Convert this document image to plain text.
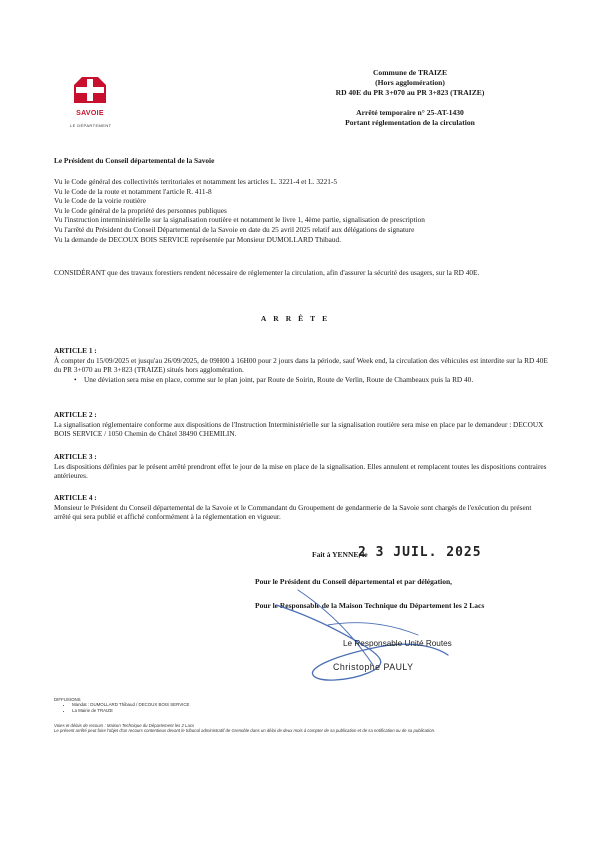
SAVOIE
LE DÉPARTEMENT
Commune de TRAIZE
(Hors agglomération)
RD 40E du PR 3+070 au PR 3+823 (TRAIZE)
Arrêté temporaire n° 25-AT-1430
Portant réglementation de la circulation
Le Président du Conseil départemental de la Savoie
Vu le Code général des collectivités territoriales et notamment les articles L. 3221-4 et L. 3221-5
Vu le Code de la route et notamment l'article R. 411-8
Vu le Code de la voirie routière
Vu le Code général de la propriété des personnes publiques
Vu l'instruction interministérielle sur la signalisation routière et notamment le livre 1, 4ème partie, signalisation de prescription
Vu l'arrêté du Président du Conseil Départemental de la Savoie en date du 25 avril 2025 relatif aux délégations de signature
Vu la demande de DECOUX BOIS SERVICE représentée par Monsieur DUMOLLARD Thibaud.
CONSIDÉRANT que des travaux forestiers rendent nécessaire de réglementer la circulation, afin d'assurer la sécurité des usagers, sur la RD 40E.
ARRÊTE
ARTICLE 1 :
À compter du 15/09/2025 et jusqu'au 26/09/2025, de 09H00 à 16H00 pour 2 jours dans la période, sauf Week end, la circulation des véhicules est interdite sur la RD 40E du PR 3+070 au PR 3+823 (TRAIZE) situés hors agglomération.
• Une déviation sera mise en place, comme sur le plan joint, par Route de Soirin, Route de Verlin, Route de Chambeaux puis la RD 40.
ARTICLE 2 :
La signalisation réglementaire conforme aux dispositions de l'Instruction Interministérielle sur la signalisation routière sera mise en place par le demandeur : DECOUX BOIS SERVICE / 1050 Chemin de Châtel 38490 CHEMILIN.
ARTICLE 3 :
Les dispositions définies par le présent arrêté prendront effet le jour de la mise en place de la signalisation. Elles annulent et remplacent toutes les dispositions contraires antérieures.
ARTICLE 4 :
Monsieur le Président du Conseil départemental de la Savoie et le Commandant du Groupement de gendarmerie de la Savoie sont chargés de l'exécution du présent arrêté qui sera publié et affiché conformément à la réglementation en vigueur.
Fait à YENNE, le
2 3 JUIL. 2025
Pour le Président du Conseil départemental et par délégation,
Pour le Responsable de la Maison Technique du Département les 2 Lacs
Le Responsable Unité Routes
Christophe PAULY
DIFFUSIONS
• Mandat : DUMOLLARD Thibaud / DECOUX BOIS SERVICE
• La Mairie de TRAIZE
Voies et délais de recours : Maison Technique du Département les 2 Lacs
Le présent arrêté peut faire l'objet d'un recours contentieux devant le tribunal administratif de Grenoble dans un délai de deux mois à compter de sa publication et de sa notification ou de sa publication.
